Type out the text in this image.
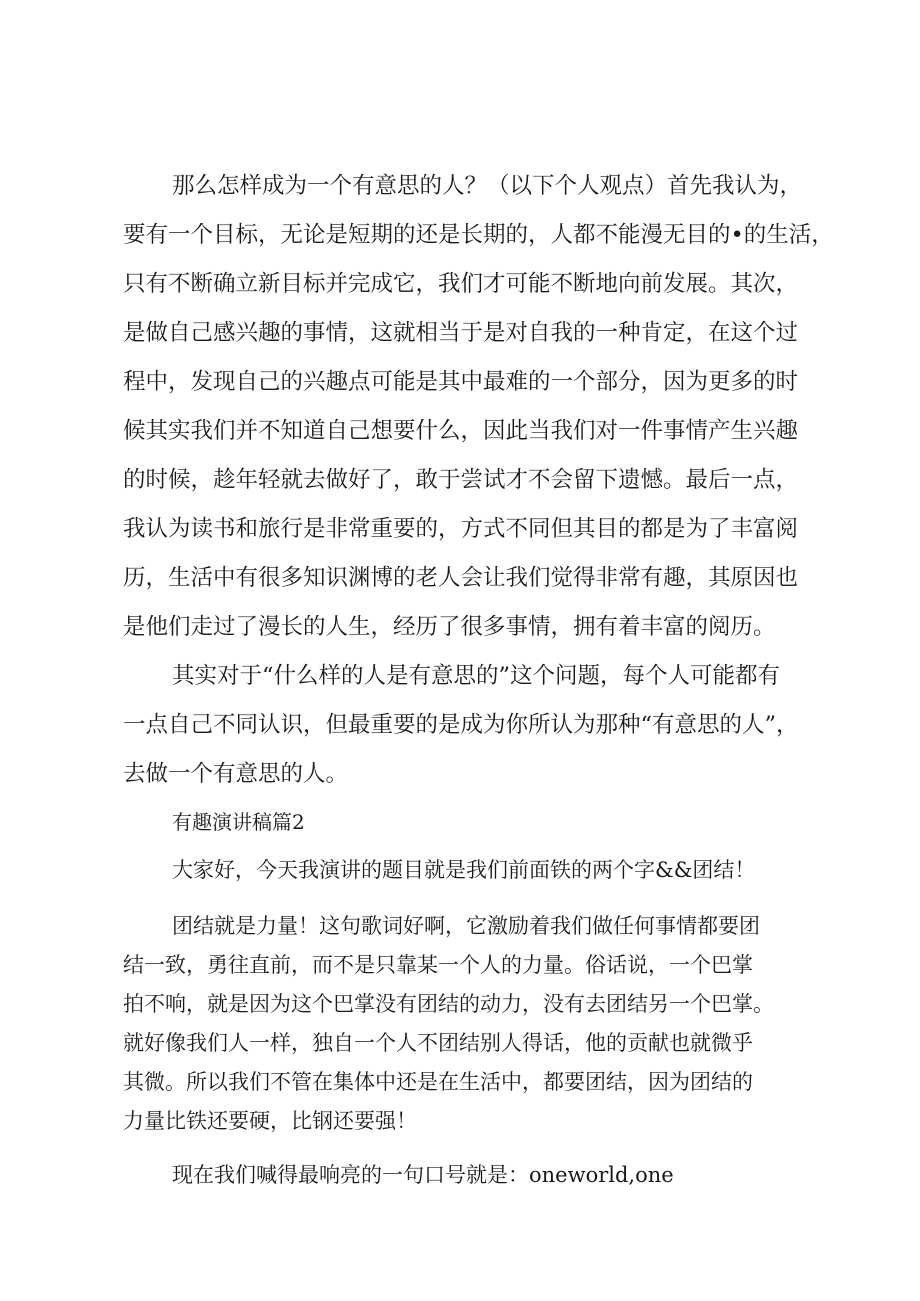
那么怎样成为一个有意思的人？（以下个人观点）首先我认为，
要有一个目标，无论是短期的还是长期的，人都不能漫无目的•的生活，
只有不断确立新目标并完成它，我们才可能不断地向前发展。其次，
是做自己感兴趣的事情，这就相当于是对自我的一种肯定，在这个过
程中，发现自己的兴趣点可能是其中最难的一个部分，因为更多的时
候其实我们并不知道自己想要什么，因此当我们对一件事情产生兴趣
的时候，趁年轻就去做好了，敢于尝试才不会留下遗憾。最后一点，
我认为读书和旅行是非常重要的，方式不同但其目的都是为了丰富阅
历，生活中有很多知识渊博的老人会让我们觉得非常有趣，其原因也
是他们走过了漫长的人生，经历了很多事情，拥有着丰富的阅历。
其实对于“什么样的人是有意思的”这个问题，每个人可能都有
一点自己不同认识，但最重要的是成为你所认为那种“有意思的人”，
去做一个有意思的人。
有趣演讲稿篇2
大家好，今天我演讲的题目就是我们前面铁的两个字&&团结！
团结就是力量！这句歌词好啊，它激励着我们做任何事情都要团
结一致，勇往直前，而不是只靠某一个人的力量。俗话说，一个巴掌
拍不响，就是因为这个巴掌没有团结的动力，没有去团结另一个巴掌。
就好像我们人一样，独自一个人不团结别人得话，他的贡献也就微乎
其微。所以我们不管在集体中还是在生活中，都要团结，因为团结的
力量比铁还要硬，比钢还要强！
现在我们喊得最响亮的一句口号就是：oneworld,one
